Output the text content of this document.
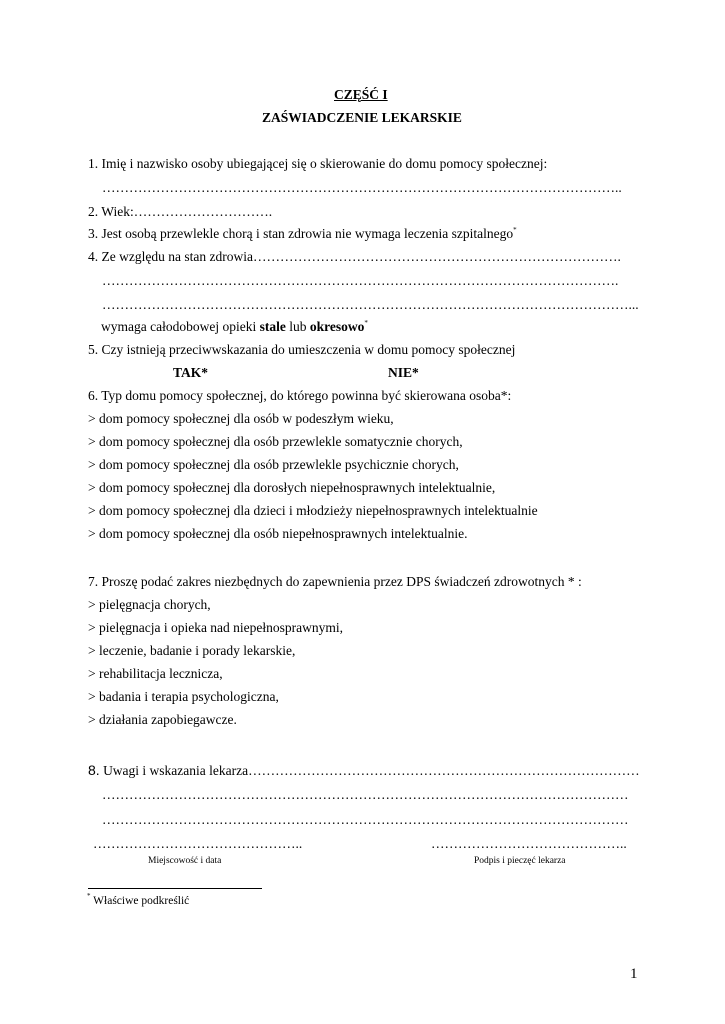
CZĘŚĆ I
ZAŚWIADCZENIE LEKARSKIE
1. Imię i nazwisko osoby ubiegającej się o skierowanie do domu pomocy społecznej:
……………………………………………………………………………………………………..
2. Wiek:………………………….
3. Jest osobą przewlekle chorą i stan zdrowia nie wymaga leczenia szpitalnego*
4. Ze względu na stan zdrowia……………………………………………………………………….
…………………………………………………………………………………………………….
………………………………………………………………………………………………………...
wymaga całodobowej opieki stale lub okresowo*
5. Czy istnieją przeciwwskazania do umieszczenia w domu pomocy społecznej
TAK*	NIE*
6. Typ domu pomocy społecznej, do którego powinna być skierowana osoba*:
> dom pomocy społecznej dla osób w podeszłym wieku,
> dom pomocy społecznej dla osób przewlekle somatycznie chorych,
> dom pomocy społecznej dla osób przewlekle psychicznie chorych,
> dom pomocy społecznej dla dorosłych niepełnosprawnych intelektualnie,
> dom pomocy społecznej dla dzieci i młodzieży niepełnosprawnych intelektualnie
> dom pomocy społecznej dla osób niepełnosprawnych intelektualnie.
7. Proszę podać zakres niezbędnych do zapewnienia przez DPS świadczeń zdrowotnych * :
> pielęgnacja chorych,
> pielęgnacja i opieka nad niepełnosprawnymi,
> leczenie, badanie i porady lekarskie,
> rehabilitacja lecznicza,
> badania i terapia psychologiczna,
> działania zapobiegawcze.
8. Uwagi i wskazania lekarza……………………………………………………………………………
………………………………………………………………………………………………………
………………………………………………………………………………………………………
………………………………………..	……………………………………..
Miejscowość i data	Podpis i pieczęć lekarza
* Właściwe podkreślić
1
